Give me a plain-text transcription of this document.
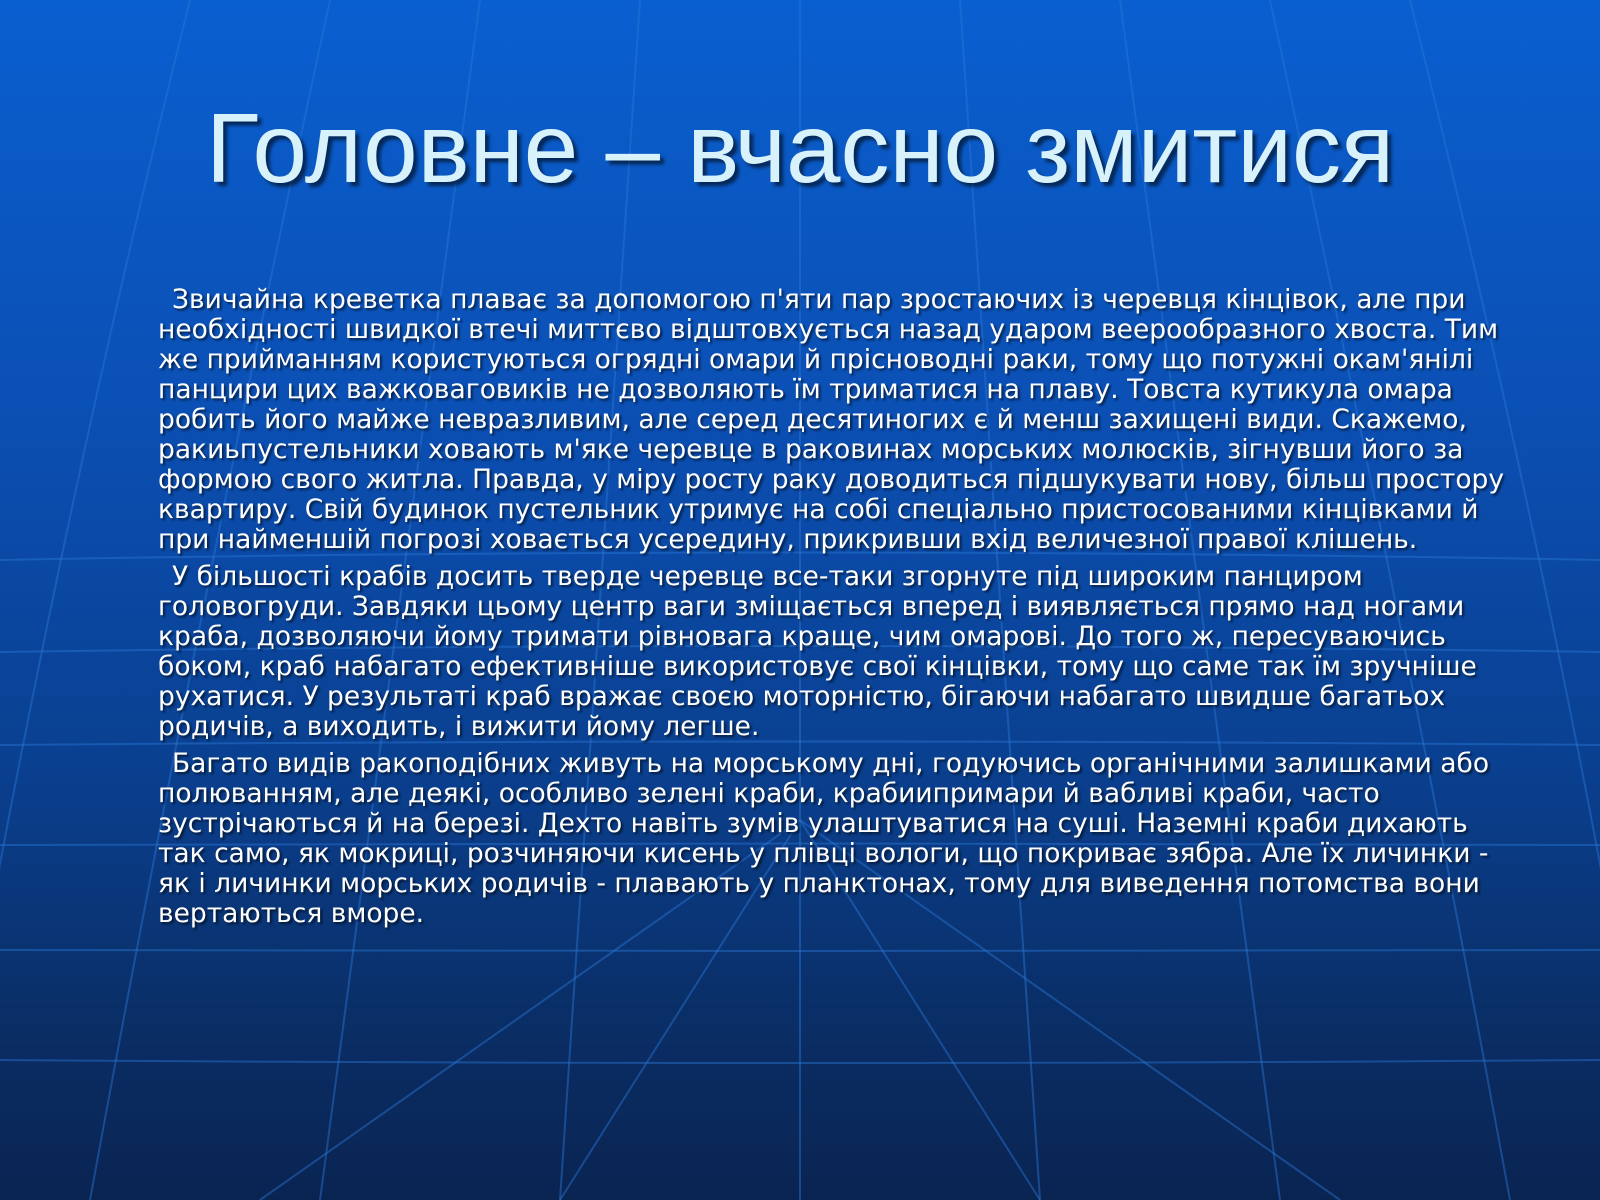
Головне – вчасно змитися

Звичайна креветка плаває за допомогою п'яти пар зростаючих із черевця кінцівок, але при необхідності швидкої втечі миттєво відштовхується назад ударом веерообразного хвоста. Тим же прийманням користуються огрядні омари й прісноводні раки, тому що потужні окам'янілі панцири цих важковаговиків не дозволяють їм триматися на плаву. Товста кутикула омара робить його майже невразливим, але серед десятиногих є й менш захищені види. Скажемо, ракиьпустельники ховають м'яке черевце в раковинах морських молюсків, зігнувши його за формою свого житла. Правда, у міру росту раку доводиться підшукувати нову, більш простору квартиру. Свій будинок пустельник утримує на собі спеціально пристосованими кінцівками й при найменшій погрозі ховається усередину, прикривши вхід величезної правої клішень.

У більшості крабів досить тверде черевце все-таки згорнуте під широким панциром головогруди. Завдяки цьому центр ваги зміщається вперед і виявляється прямо над ногами краба, дозволяючи йому тримати рівновага краще, чим омарові. До того ж, пересуваючись боком, краб набагато ефективніше використовує свої кінцівки, тому що саме так їм зручніше рухатися. У результаті краб вражає своєю моторністю, бігаючи набагато швидше багатьох родичів, а виходить, і вижити йому легше.

Багато видів ракоподібних живуть на морському дні, годуючись органічними залишками або полюванням, але деякі, особливо зелені краби, крабиипримари й вабливі краби, часто зустрічаються й на березі. Дехто навіть зумів улаштуватися на суші. Наземні краби дихають так само, як мокриці, розчиняючи кисень у плівці вологи, що покриває зябра. Але їх личинки - як і личинки морських родичів - плавають у планктонах, тому для виведення потомства вони вертаються вморе.
